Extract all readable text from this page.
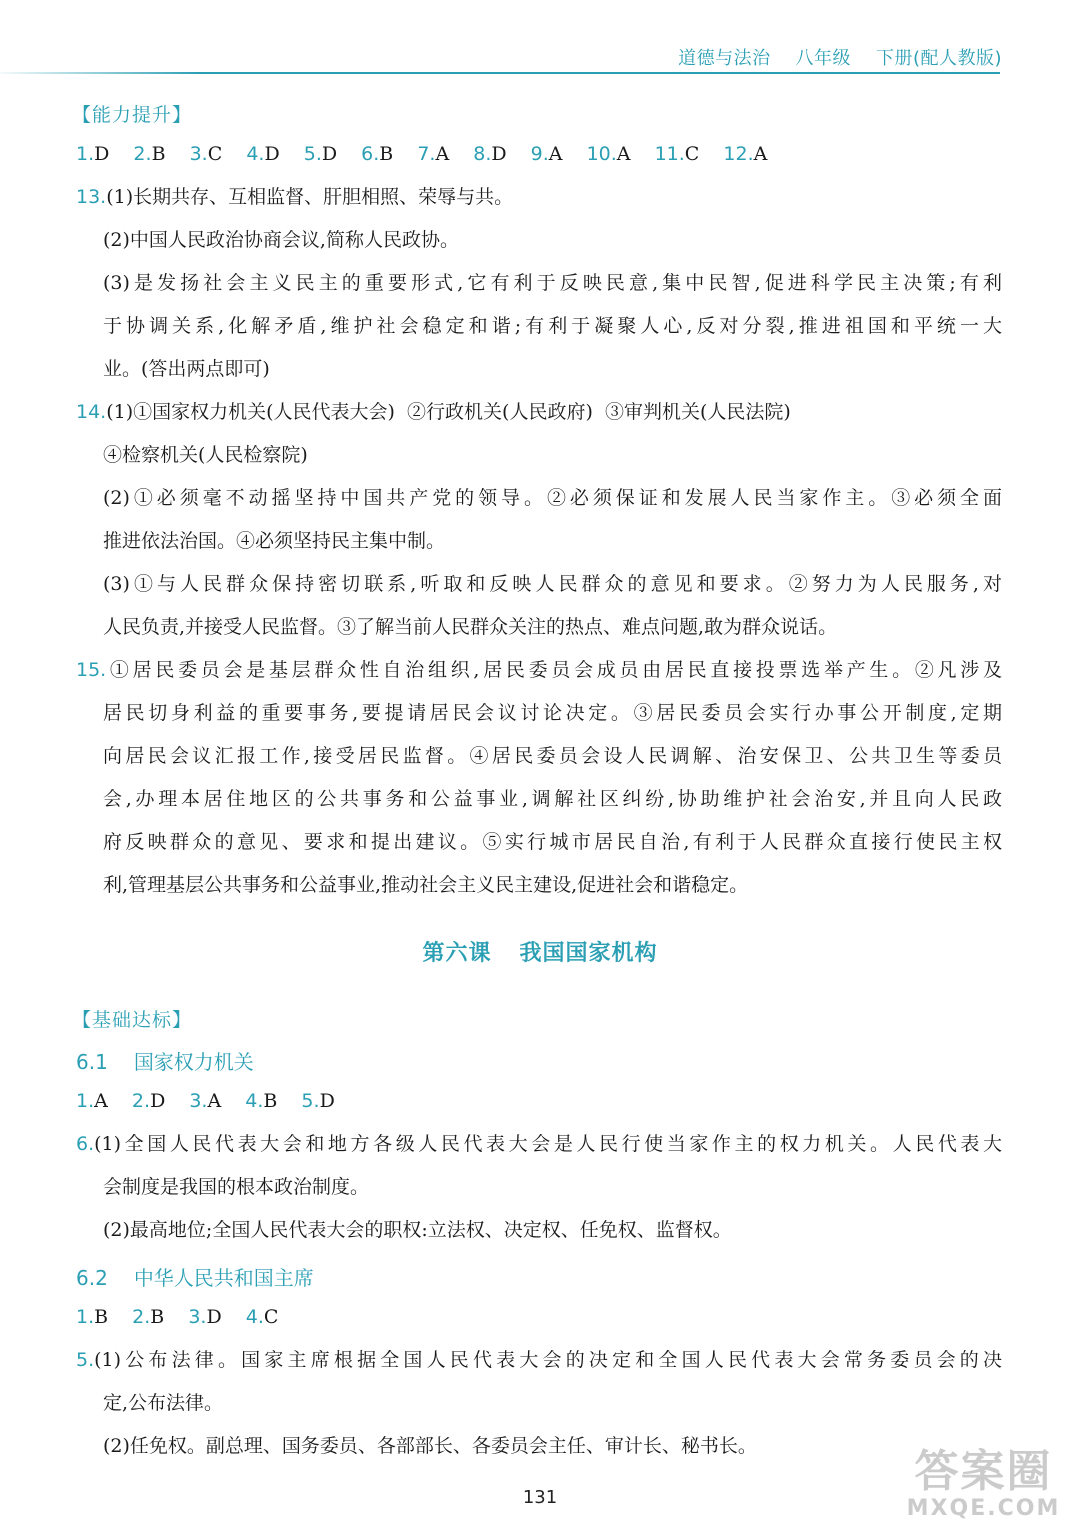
道德与法治    八年级    下册(配人教版)
【能力提升】
1.D 2.B 3.C 4.D 5.D 6.B 7.A 8.D 9.A 10.A 11.C 12.A
13.(1)长期共存、互相监督、肝胆相照、荣辱与共。
(2)中国人民政治协商会议,简称人民政协。
(3)是发扬社会主义民主的重要形式,它有利于反映民意,集中民智,促进科学民主决策;有利
于协调关系,化解矛盾,维护社会稳定和谐;有利于凝聚人心,反对分裂,推进祖国和平统一大
业。(答出两点即可)
14.(1)①国家权力机关(人民代表大会)  ②行政机关(人民政府)  ③审判机关(人民法院)
④检察机关(人民检察院)
(2)①必须毫不动摇坚持中国共产党的领导。②必须保证和发展人民当家作主。③必须全面
推进依法治国。④必须坚持民主集中制。
(3)①与人民群众保持密切联系,听取和反映人民群众的意见和要求。②努力为人民服务,对
人民负责,并接受人民监督。③了解当前人民群众关注的热点、难点问题,敢为群众说话。
15.①居民委员会是基层群众性自治组织,居民委员会成员由居民直接投票选举产生。②凡涉及
居民切身利益的重要事务,要提请居民会议讨论决定。③居民委员会实行办事公开制度,定期
向居民会议汇报工作,接受居民监督。④居民委员会设人民调解、治安保卫、公共卫生等委员
会,办理本居住地区的公共事务和公益事业,调解社区纠纷,协助维护社会治安,并且向人民政
府反映群众的意见、要求和提出建议。⑤实行城市居民自治,有利于人民群众直接行使民主权
利,管理基层公共事务和公益事业,推动社会主义民主建设,促进社会和谐稳定。
第六课 我国国家机构
【基础达标】
6.1 国家权力机关
1.A 2.D 3.A 4.B 5.D
6.(1)全国人民代表大会和地方各级人民代表大会是人民行使当家作主的权力机关。人民代表大
会制度是我国的根本政治制度。
(2)最高地位;全国人民代表大会的职权:立法权、决定权、任免权、监督权。
6.2 中华人民共和国主席
1.B 2.B 3.D 4.C
5.(1)公布法律。国家主席根据全国人民代表大会的决定和全国人民代表大会常务委员会的决
定,公布法律。
(2)任免权。副总理、国务委员、各部部长、各委员会主任、审计长、秘书长。
131
答案圈
MXQE.COM
